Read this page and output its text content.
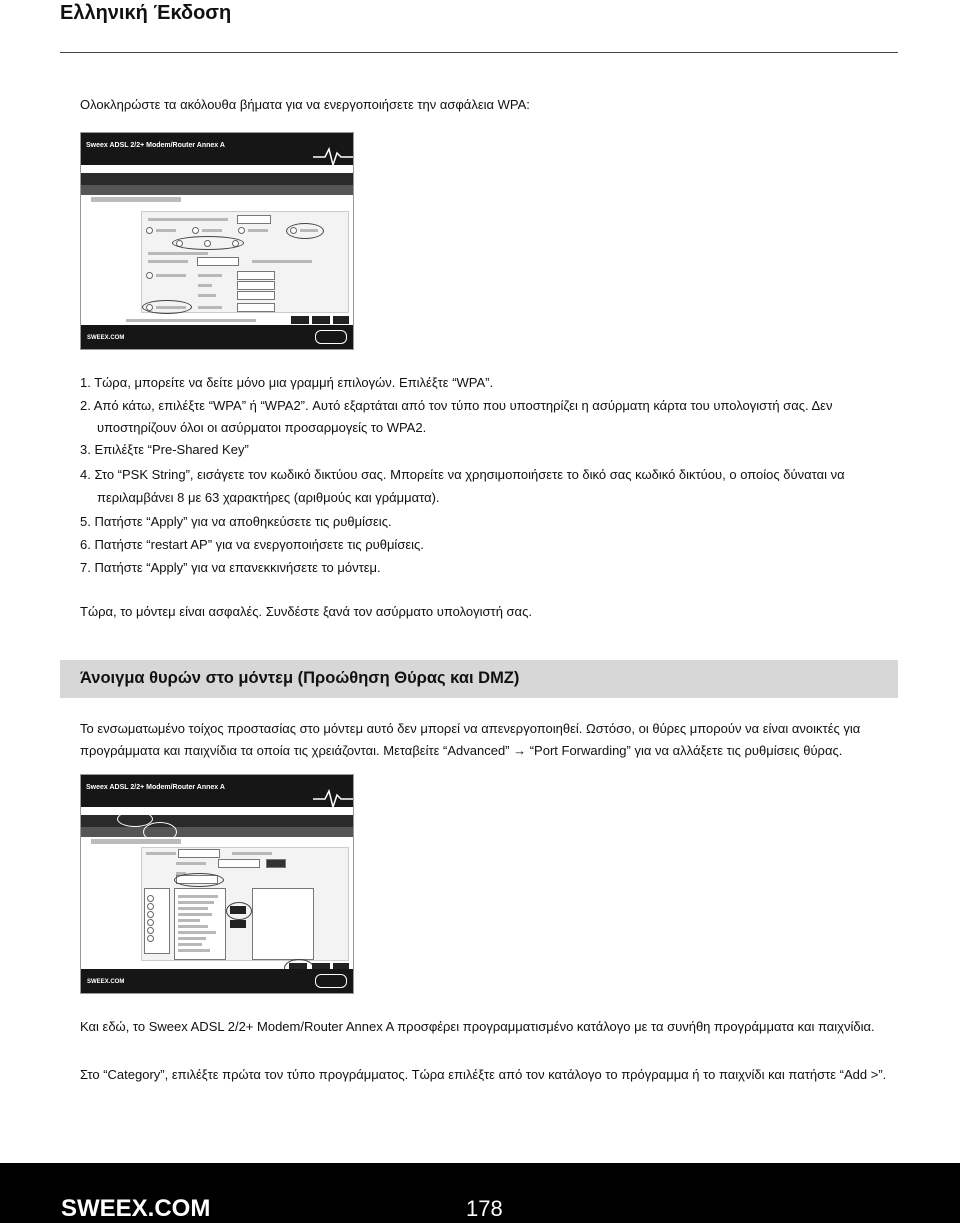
Ελληνική Έκδοση
Ολοκληρώστε τα ακόλουθα βήματα για να ενεργοποιήσετε την ασφάλεια WPA:
Sweex ADSL 2/2+ Modem/Router Annex A
SWEEX.COM
1. Τώρα, μπορείτε να δείτε μόνο μια γραμμή επιλογών. Επιλέξτε “WPA”.
2. Από κάτω, επιλέξτε “WPA” ή “WPA2”. Αυτό εξαρτάται από τον τύπο που υποστηρίζει η ασύρματη κάρτα του υπολογιστή σας. Δεν
υποστηρίζουν όλοι οι ασύρματοι προσαρμογείς το WPA2.
3. Επιλέξτε “Pre-Shared Key”
4. Στο “PSK String”, εισάγετε τον κωδικό δικτύου σας. Μπορείτε να χρησιμοποιήσετε το δικό σας κωδικό δικτύου, ο οποίος δύναται να
περιλαμβάνει 8 με 63 χαρακτήρες (αριθμούς και γράμματα).
5. Πατήστε “Apply” για να αποθηκεύσετε τις ρυθμίσεις.
6. Πατήστε “restart AP” για να ενεργοποιήσετε τις ρυθμίσεις.
7. Πατήστε “Apply” για να επανεκκινήσετε το μόντεμ.
Τώρα, το μόντεμ είναι ασφαλές. Συνδέστε ξανά τον ασύρματο υπολογιστή σας.
Άνοιγμα θυρών στο μόντεμ (Προώθηση Θύρας και DMZ)
Το ενσωματωμένο τοίχος προστασίας στο μόντεμ αυτό δεν μπορεί να απενεργοποιηθεί. Ωστόσο, οι θύρες μπορούν να είναι ανοικτές για
προγράμματα και παιχνίδια τα οποία τις χρειάζονται. Μεταβείτε “Advanced” → “Port Forwarding” για να αλλάξετε τις ρυθμίσεις θύρας.
Sweex ADSL 2/2+ Modem/Router Annex A
SWEEX.COM
Και εδώ, το Sweex ADSL 2/2+ Modem/Router Annex A προσφέρει προγραμματισμένο κατάλογο με τα συνήθη προγράμματα και παιχνίδια.
Στο “Category”, επιλέξτε πρώτα τον τύπο προγράμματος. Τώρα επιλέξτε από τον κατάλογο το πρόγραμμα ή το παιχνίδι και πατήστε “Add >”.
SWEEX.COM	178
